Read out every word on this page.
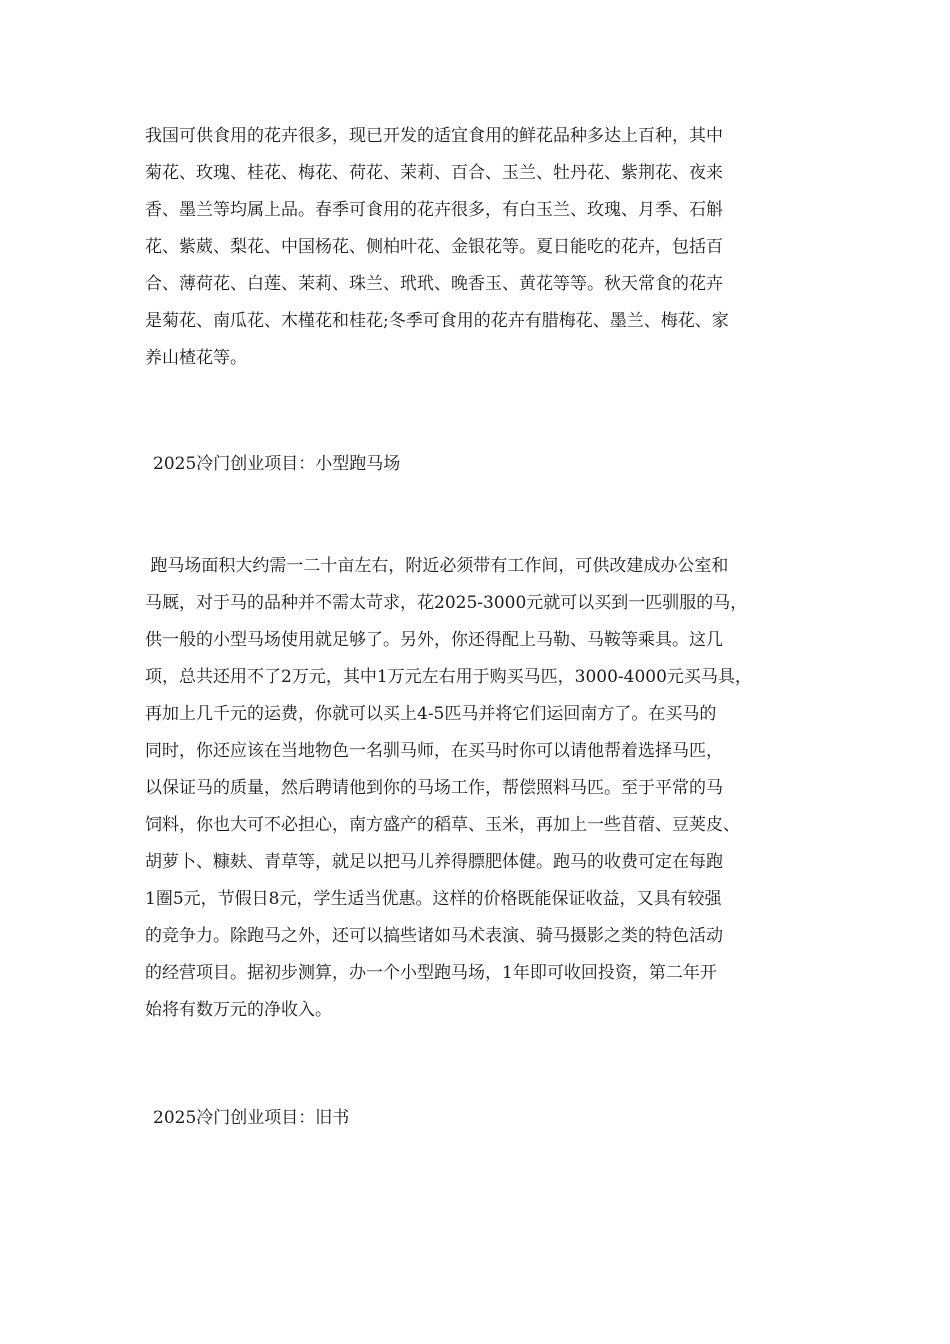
我国可供食用的花卉很多，现已开发的适宜食用的鲜花品种多达上百种，其中
菊花、玫瑰、桂花、梅花、荷花、茉莉、百合、玉兰、牡丹花、紫荆花、夜来
香、墨兰等均属上品。春季可食用的花卉很多，有白玉兰、玫瑰、月季、石斛
花、紫葳、梨花、中国杨花、侧柏叶花、金银花等。夏日能吃的花卉，包括百
合、薄荷花、白莲、茉莉、珠兰、玳玳、晚香玉、黄花等等。秋天常食的花卉
是菊花、南瓜花、木槿花和桂花;冬季可食用的花卉有腊梅花、墨兰、梅花、家
养山楂花等。
2025冷门创业项目：小型跑马场
跑马场面积大约需一二十亩左右，附近必须带有工作间，可供改建成办公室和
马厩，对于马的品种并不需太苛求，花2025-3000元就可以买到一匹驯服的马，
供一般的小型马场使用就足够了。另外，你还得配上马勒、马鞍等乘具。这几
项，总共还用不了2万元，其中1万元左右用于购买马匹，3000-4000元买马具，
再加上几千元的运费，你就可以买上4-5匹马并将它们运回南方了。在买马的
同时，你还应该在当地物色一名驯马师，在买马时你可以请他帮着选择马匹，
以保证马的质量，然后聘请他到你的马场工作，帮偿照料马匹。至于平常的马
饲料，你也大可不必担心，南方盛产的稻草、玉米，再加上一些苜蓿、豆荚皮、
胡萝卜、糠麸、青草等，就足以把马儿养得膘肥体健。跑马的收费可定在每跑
1圈5元，节假日8元，学生适当优惠。这样的价格既能保证收益，又具有较强
的竞争力。除跑马之外，还可以搞些诸如马术表演、骑马摄影之类的特色活动
的经营项目。据初步测算，办一个小型跑马场，1年即可收回投资，第二年开
始将有数万元的净收入。
2025冷门创业项目：旧书
